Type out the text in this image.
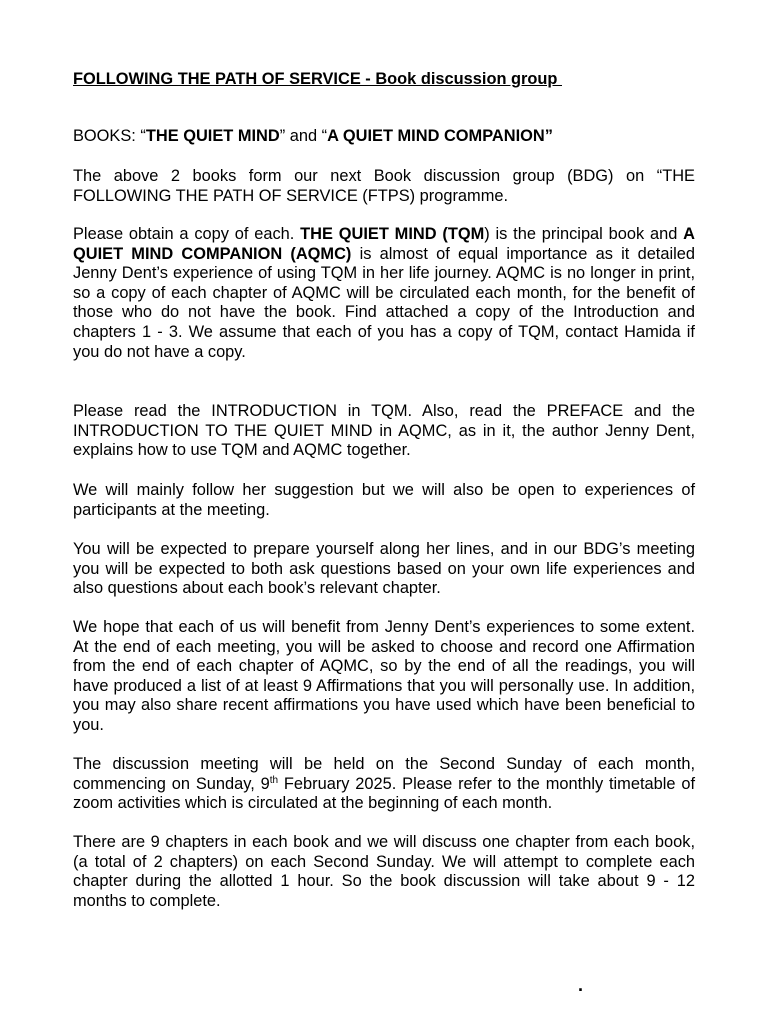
FOLLOWING THE PATH OF SERVICE - Book discussion group

BOOKS: “THE QUIET MIND” and “A QUIET MIND COMPANION”

The above 2 books form our next Book discussion group (BDG) on “THE FOLLOWING THE PATH OF SERVICE (FTPS) programme.

Please obtain a copy of each. THE QUIET MIND (TQM) is the principal book and A QUIET MIND COMPANION (AQMC) is almost of equal importance as it detailed Jenny Dent’s experience of using TQM in her life journey. AQMC is no longer in print, so a copy of each chapter of AQMC will be circulated each month, for the benefit of those who do not have the book. Find attached a copy of the Introduction and chapters 1 - 3. We assume that each of you has a copy of TQM, contact Hamida if you do not have a copy.

Please read the INTRODUCTION in TQM. Also, read the PREFACE and the INTRODUCTION TO THE QUIET MIND in AQMC, as in it, the author Jenny Dent, explains how to use TQM and AQMC together.

We will mainly follow her suggestion but we will also be open to experiences of participants at the meeting.

You will be expected to prepare yourself along her lines, and in our BDG’s meeting you will be expected to both ask questions based on your own life experiences and also questions about each book’s relevant chapter.

We hope that each of us will benefit from Jenny Dent’s experiences to some extent. At the end of each meeting, you will be asked to choose and record one Affirmation from the end of each chapter of AQMC, so by the end of all the readings, you will have produced a list of at least 9 Affirmations that you will personally use. In addition, you may also share recent affirmations you have used which have been beneficial to you.

The discussion meeting will be held on the Second Sunday of each month, commencing on Sunday, 9th February 2025. Please refer to the monthly timetable of zoom activities which is circulated at the beginning of each month.

There are 9 chapters in each book and we will discuss one chapter from each book, (a total of 2 chapters) on each Second Sunday. We will attempt to complete each chapter during the allotted 1 hour. So the book discussion will take about 9 - 12 months to complete.

.
